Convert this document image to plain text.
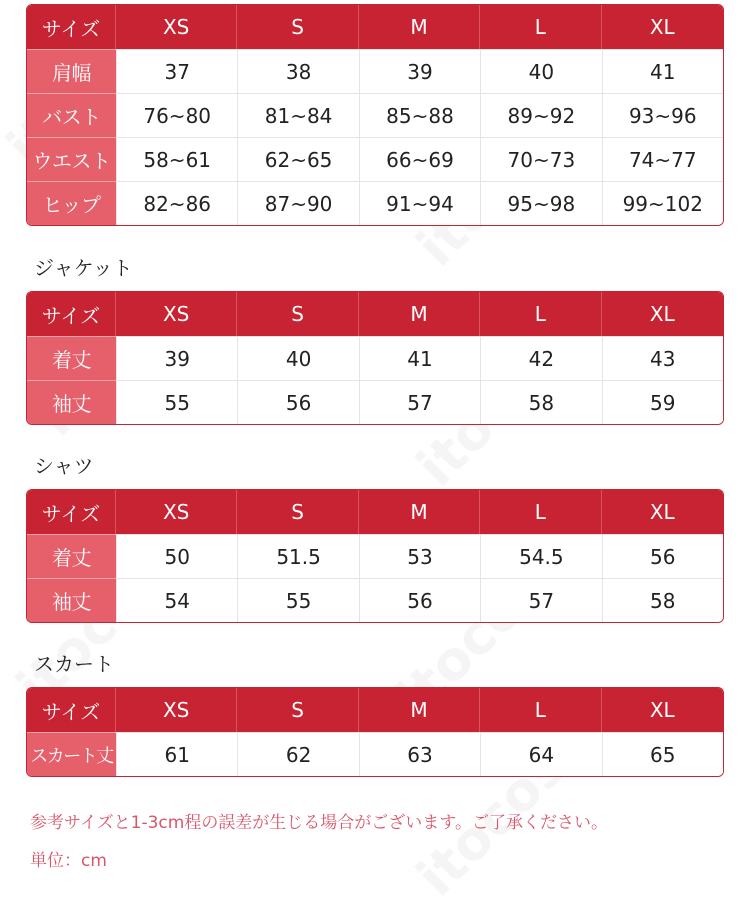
サイズ	XS	S	M	L	XL
肩幅	37	38	39	40	41
バスト	76~80	81~84	85~88	89~92	93~96
ウエスト	58~61	62~65	66~69	70~73	74~77
ヒップ	82~86	87~90	91~94	95~98	99~102
ジャケット
サイズ	XS	S	M	L	XL
着丈	39	40	41	42	43
袖丈	55	56	57	58	59
シャツ
サイズ	XS	S	M	L	XL
着丈	50	51.5	53	54.5	56
袖丈	54	55	56	57	58
スカート
サイズ	XS	S	M	L	XL
スカート丈	61	62	63	64	65
参考サイズと1-3cm程の誤差が生じる場合がございます。ご了承ください。
単位：cm
